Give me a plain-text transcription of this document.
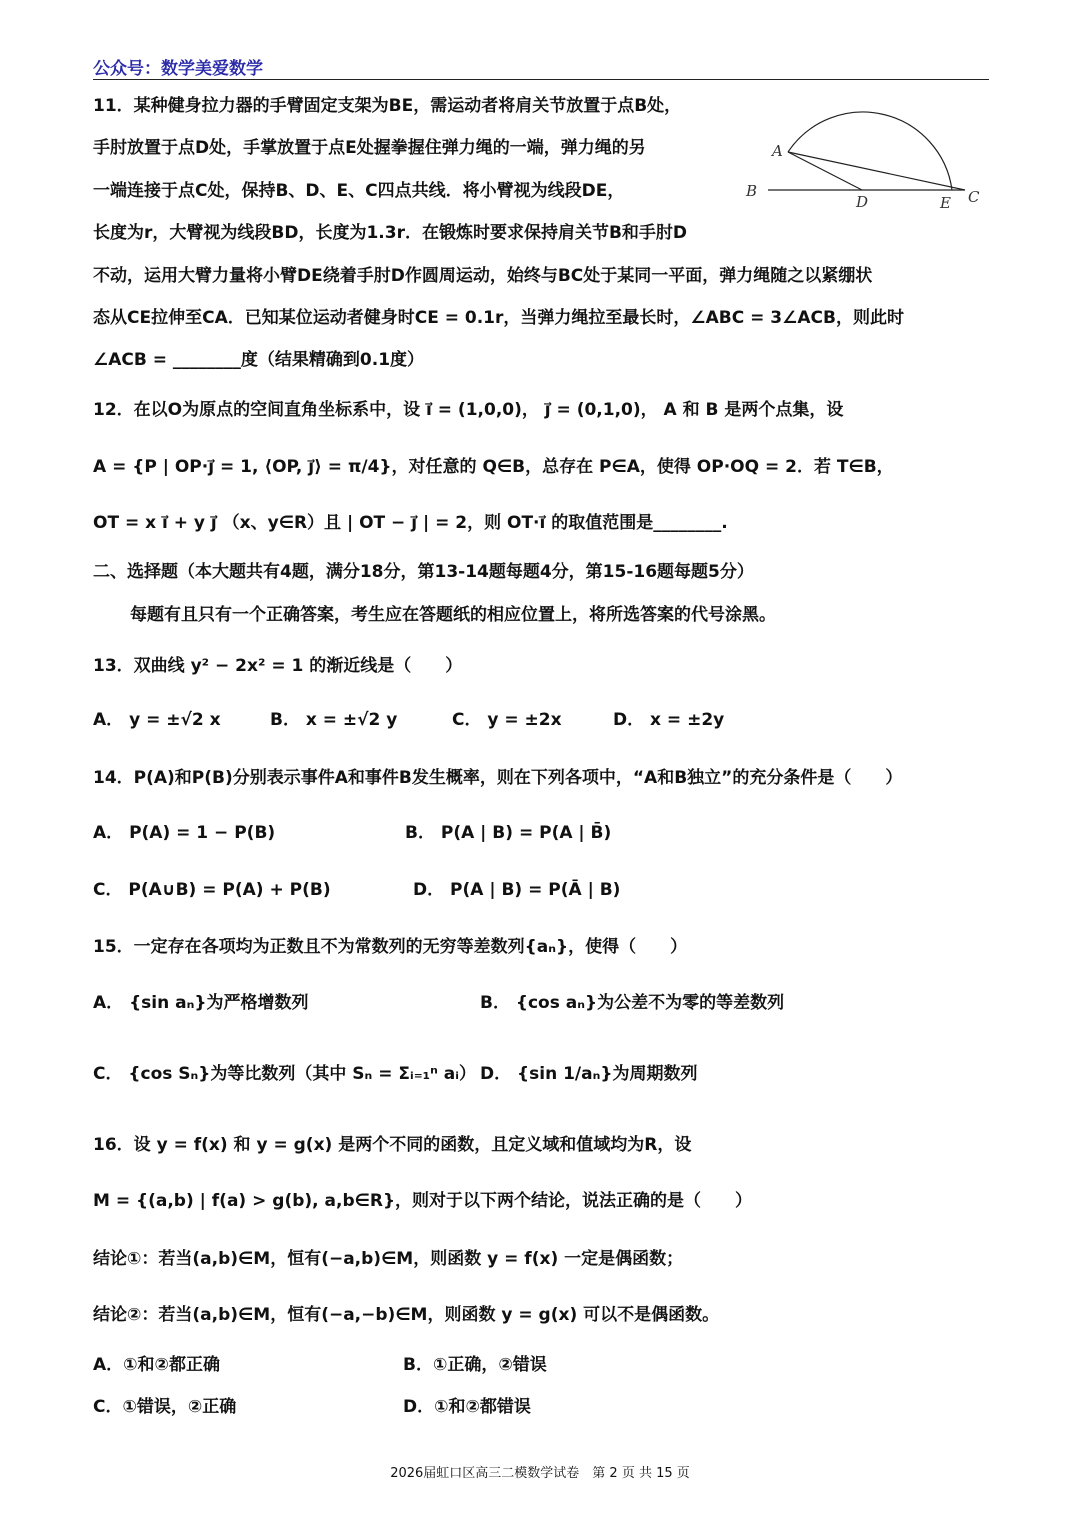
公众号：数学美爱数学
11．某种健身拉力器的手臂固定支架为BE，需运动者将肩关节放置于点B处，
手肘放置于点D处，手掌放置于点E处握拳握住弹力绳的一端，弹力绳的另
一端连接于点C处，保持B、D、E、C四点共线．将小臂视为线段DE，
长度为r，大臂视为线段BD，长度为1.3r．在锻炼时要求保持肩关节B和手肘D
不动，运用大臂力量将小臂DE绕着手肘D作圆周运动，始终与BC处于某同一平面，弹力绳随之以紧绷状
态从CE拉伸至CA．已知某位运动者健身时CE = 0.1r，当弹力绳拉至最长时，∠ABC = 3∠ACB，则此时
∠ACB = ________度（结果精确到0.1度）
A
B
D	E C
12．在以O为原点的空间直角坐标系中，设 i⃗ = (1,0,0)， j⃗ = (0,1,0)， A 和 B 是两个点集，设
A = {P | OP·j⃗ = 1, ⟨OP, j⃗⟩ = π/4}，对任意的 Q∈B，总存在 P∈A，使得 OP·OQ = 2．若 T∈B，
OT = x i⃗ + y j⃗ （x、y∈R）且 | OT − j⃗ | = 2，则 OT·i⃗ 的取值范围是________.
二、选择题（本大题共有4题，满分18分，第13-14题每题4分，第15-16题每题5分）
每题有且只有一个正确答案，考生应在答题纸的相应位置上，将所选答案的代号涂黑。
13．双曲线 y² − 2x² = 1 的渐近线是（　　）
A． y = ±√2 x	B． x = ±√2 y	C． y = ±2x	D． x = ±2y
14．P(A)和P(B)分别表示事件A和事件B发生概率，则在下列各项中，“A和B独立”的充分条件是（　　）
A． P(A) = 1 − P(B)	B． P(A | B) = P(A | B̄)
C． P(A∪B) = P(A) + P(B)	D． P(A | B) = P(Ā | B)
15．一定存在各项均为正数且不为常数列的无穷等差数列{aₙ}，使得（　　）
A． {sin aₙ}为严格增数列	B． {cos aₙ}为公差不为零的等差数列
C． {cos Sₙ}为等比数列（其中 Sₙ = Σᵢ₌₁ⁿ aᵢ） D． {sin 1/aₙ}为周期数列
16．设 y = f(x) 和 y = g(x) 是两个不同的函数，且定义域和值域均为R，设
M = {(a,b) | f(a) > g(b), a,b∈R}，则对于以下两个结论，说法正确的是（　　）
结论①：若当(a,b)∈M，恒有(−a,b)∈M，则函数 y = f(x) 一定是偶函数；
结论②：若当(a,b)∈M，恒有(−a,−b)∈M，则函数 y = g(x) 可以不是偶函数。
A．①和②都正确	B．①正确，②错误
C．①错误，②正确	D．①和②都错误
2026届虹口区高三二模数学试卷　第 2 页 共 15 页
